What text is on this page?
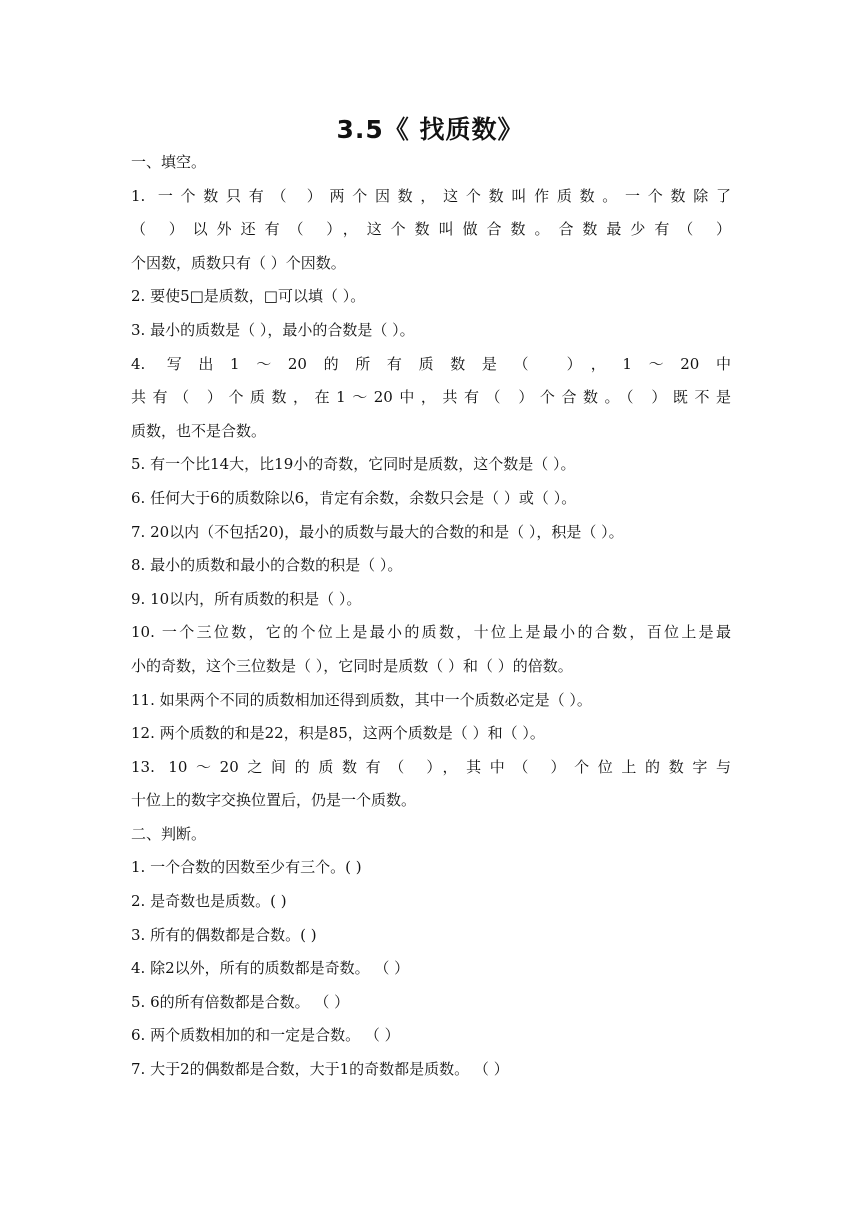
3.5《 找质数》
一、填空。
1. 一个数只有（ ）两个因数，这个数叫作质数。一个数除了
（ ）以外还有（ ），这个数叫做合数。合数最少有（ ）
个因数，质数只有（ ）个因数。
2. 要使5□是质数，□可以填（ ）。
3. 最小的质数是（ ），最小的合数是（ ）。
4. 写出1～20的所有质数是（ ），1～20中
共有（ ）个质数，在1～20中，共有（ ）个合数。（ ）既不是
质数，也不是合数。
5. 有一个比14大，比19小的奇数，它同时是质数，这个数是（ ）。
6. 任何大于6的质数除以6，肯定有余数，余数只会是（ ）或（ ）。
7. 20以内（不包括20)，最小的质数与最大的合数的和是（ ），积是（ ）。
8. 最小的质数和最小的合数的积是（ ）。
9. 10以内，所有质数的积是（ ）。
10. 一个三位数，它的个位上是最小的质数，十位上是最小的合数，百位上是最
小的奇数，这个三位数是（ ），它同时是质数（ ）和（ ）的倍数。
11. 如果两个不同的质数相加还得到质数，其中一个质数必定是（ ）。
12. 两个质数的和是22，积是85，这两个质数是（ ）和（ ）。
13. 10～20之间的质数有（ ），其中（ ）个位上的数字与
十位上的数字交换位置后，仍是一个质数。
二、判断。
1. 一个合数的因数至少有三个。( )
2. 是奇数也是质数。( )
3. 所有的偶数都是合数。( )
4. 除2以外，所有的质数都是奇数。 （ ）
5. 6的所有倍数都是合数。 （ ）
6. 两个质数相加的和一定是合数。 （ ）
7. 大于2的偶数都是合数，大于1的奇数都是质数。 （ ）
